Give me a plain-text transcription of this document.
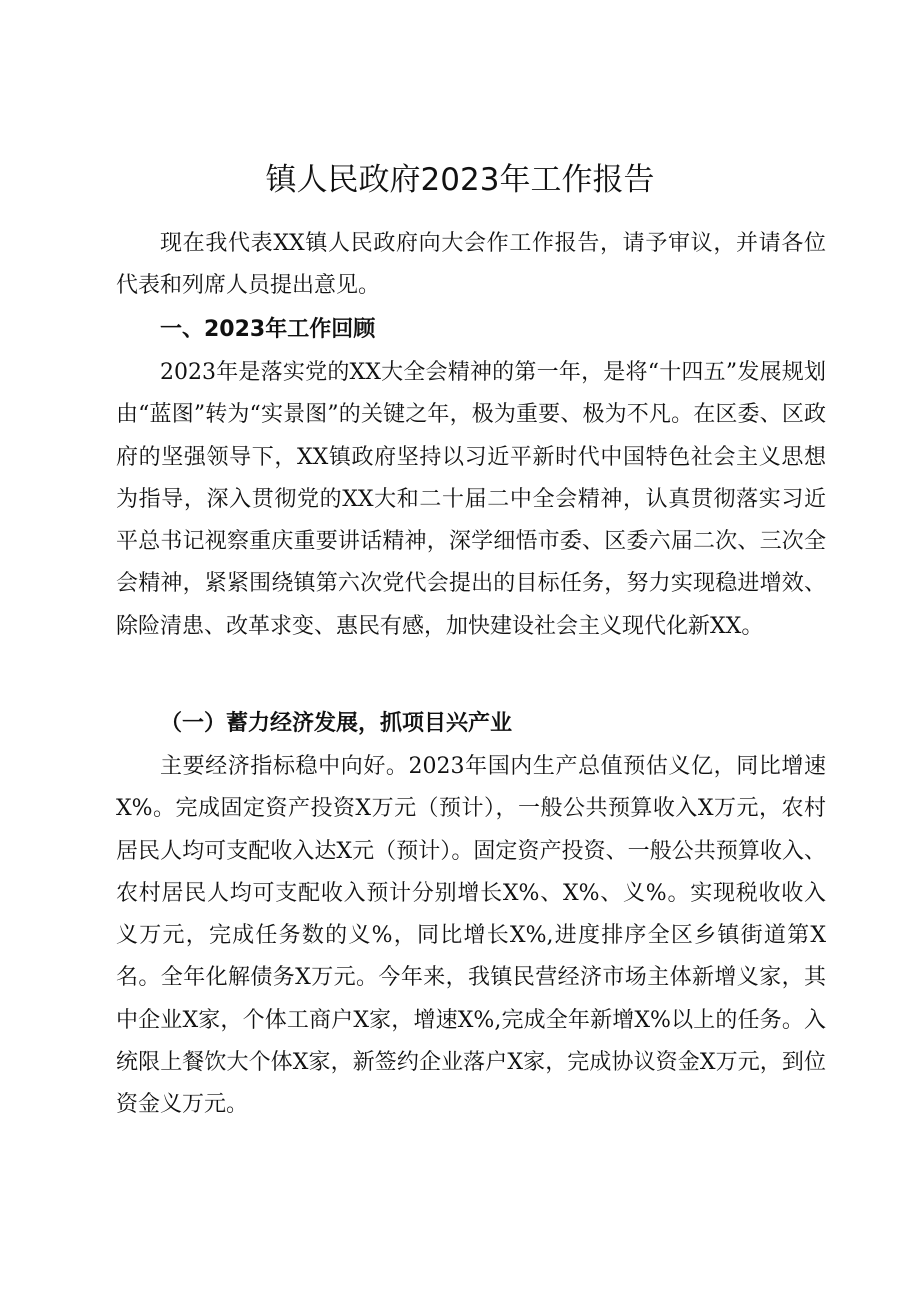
镇人民政府2023年工作报告

现在我代表XX镇人民政府向大会作工作报告，请予审议，并请各位代表和列席人员提出意见。

一、2023年工作回顾

2023年是落实党的XX大全会精神的第一年，是将“十四五”发展规划由“蓝图”转为“实景图”的关键之年，极为重要、极为不凡。在区委、区政府的坚强领导下，XX镇政府坚持以习近平新时代中国特色社会主义思想为指导，深入贯彻党的XX大和二十届二中全会精神，认真贯彻落实习近平总书记视察重庆重要讲话精神，深学细悟市委、区委六届二次、三次全会精神，紧紧围绕镇第六次党代会提出的目标任务，努力实现稳进增效、除险清患、改革求变、惠民有感，加快建设社会主义现代化新XX。

（一）蓄力经济发展，抓项目兴产业

主要经济指标稳中向好。2023年国内生产总值预估义亿，同比增速X%。完成固定资产投资X万元（预计），一般公共预算收入X万元，农村居民人均可支配收入达X元（预计）。固定资产投资、一般公共预算收入、农村居民人均可支配收入预计分别增长X%、X%、义%。实现税收收入义万元，完成任务数的义%，同比增长X%,进度排序全区乡镇街道第X名。全年化解债务X万元。今年来，我镇民营经济市场主体新增义家，其中企业X家，个体工商户X家，增速X%,完成全年新增X%以上的任务。入统限上餐饮大个体X家，新签约企业落户X家，完成协议资金X万元，到位资金义万元。
